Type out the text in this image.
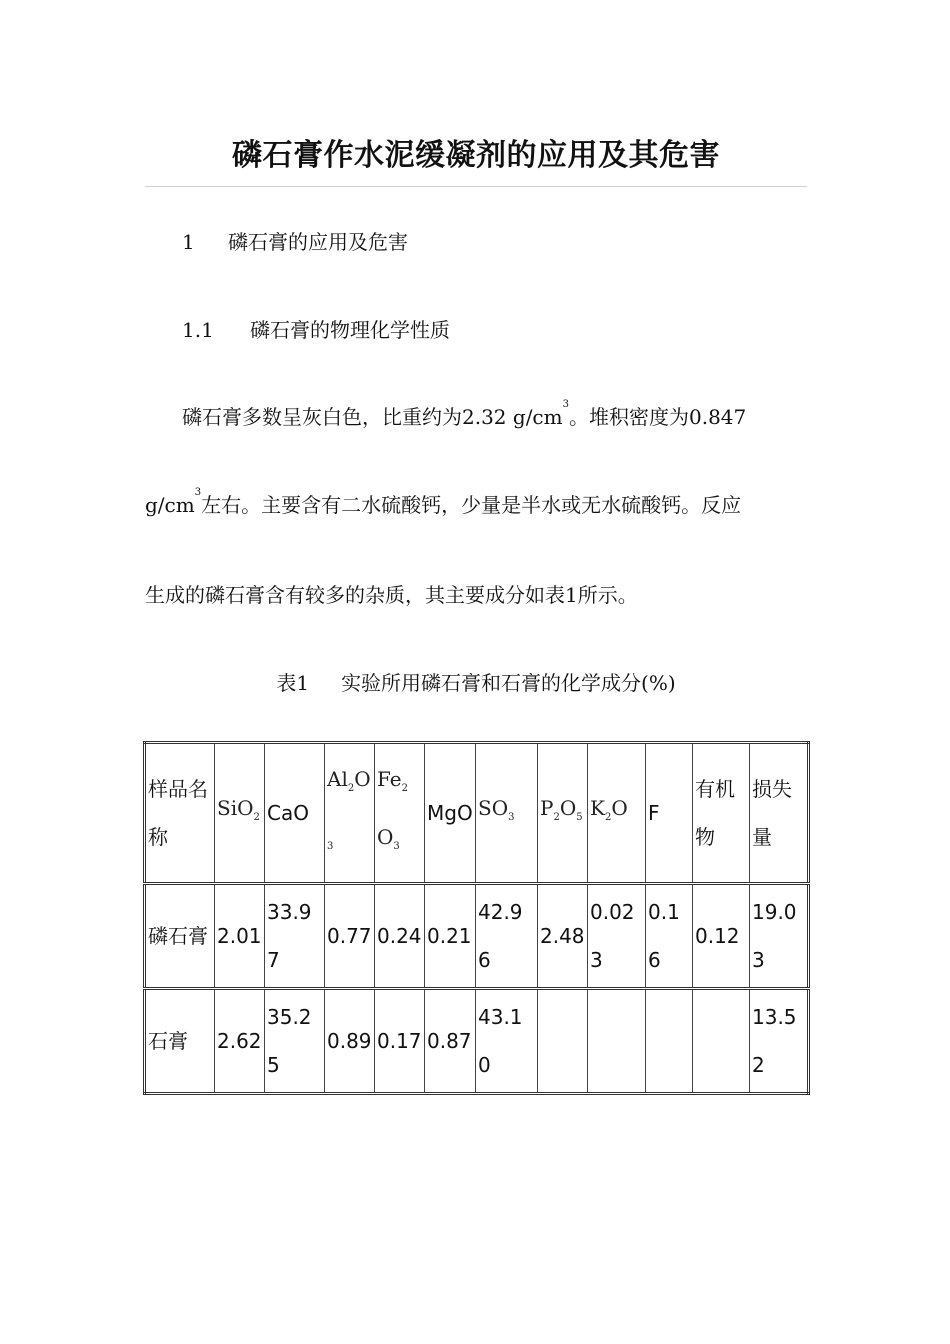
磷石膏作水泥缓凝剂的应用及其危害
1 磷石膏的应用及危害
1.1 磷石膏的物理化学性质
磷石膏多数呈灰白色，比重约为2.32 $g/cm^3$。堆积密度为0.847
$g/cm^3$左右。主要含有二水硫酸钙，少量是半水或无水硫酸钙。反应
生成的磷石膏含有较多的杂质，其主要成分如表1所示。
表1 实验所用磷石膏和石膏的化学成分(%)
样品名称	SiO$_2$	CaO	$Al_2O_3$	$Fe_2O_3$	MgO	$SO_3$	$P_2O_5$	$K_2O$	F	有机物	损失量
磷石膏	2.01	33.97	0.77	0.24	0.21	42.96	2.48	0.023	0.16	0.12	19.03
石膏	2.62	35.25	0.89	0.17	0.87	43.10					13.52
